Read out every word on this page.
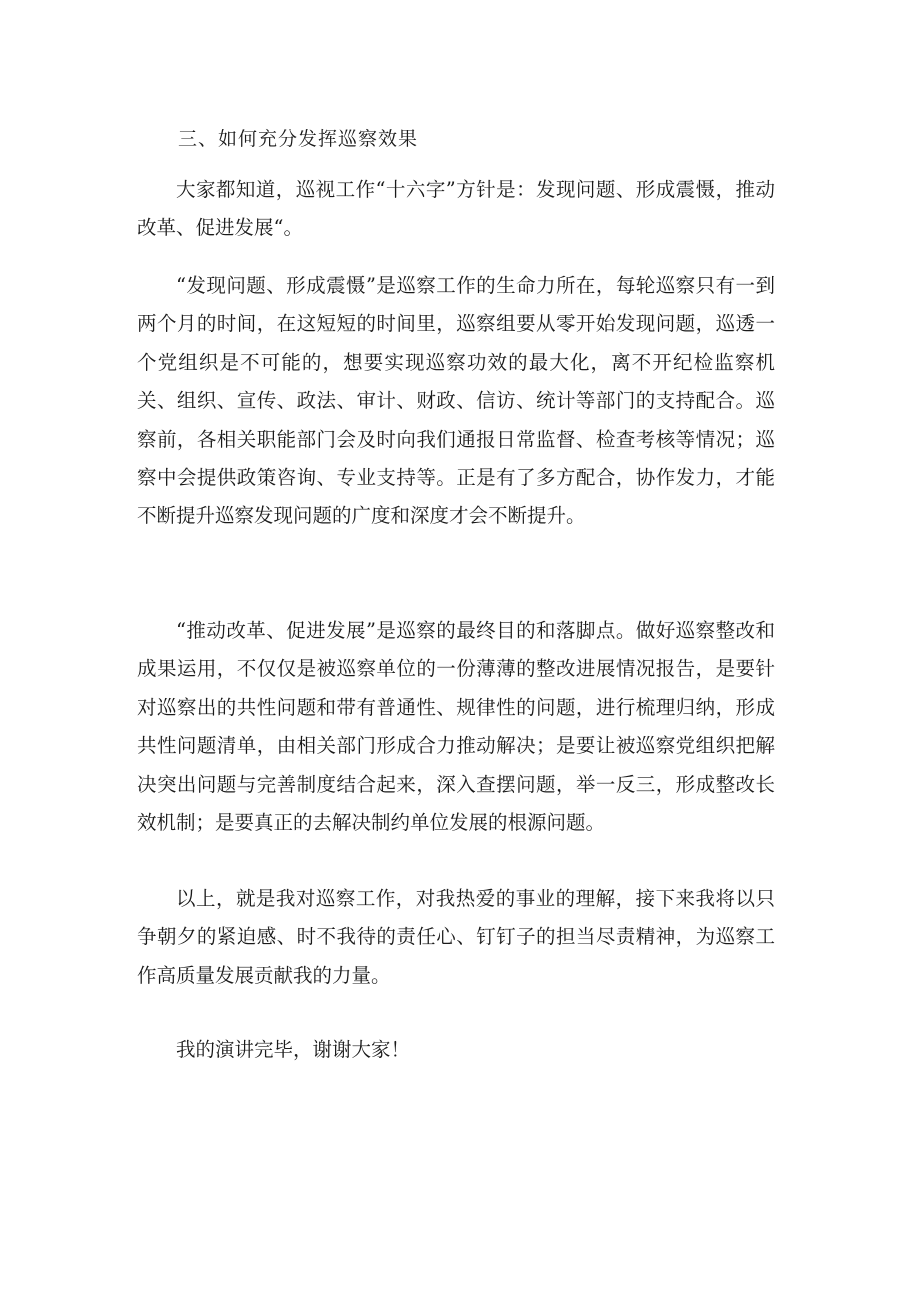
三、如何充分发挥巡察效果

大家都知道，巡视工作“十六字”方针是：发现问题、形成震慑，推动改革、促进发展“。

“发现问题、形成震慑”是巡察工作的生命力所在，每轮巡察只有一到两个月的时间，在这短短的时间里，巡察组要从零开始发现问题，巡透一个党组织是不可能的，想要实现巡察功效的最大化，离不开纪检监察机关、组织、宣传、政法、审计、财政、信访、统计等部门的支持配合。巡察前，各相关职能部门会及时向我们通报日常监督、检查考核等情况；巡察中会提供政策咨询、专业支持等。正是有了多方配合，协作发力，才能不断提升巡察发现问题的广度和深度才会不断提升。

“推动改革、促进发展”是巡察的最终目的和落脚点。做好巡察整改和成果运用，不仅仅是被巡察单位的一份薄薄的整改进展情况报告，是要针对巡察出的共性问题和带有普通性、规律性的问题，进行梳理归纳，形成共性问题清单，由相关部门形成合力推动解决；是要让被巡察党组织把解决突出问题与完善制度结合起来，深入查摆问题，举一反三，形成整改长效机制；是要真正的去解决制约单位发展的根源问题。

以上，就是我对巡察工作，对我热爱的事业的理解，接下来我将以只争朝夕的紧迫感、时不我待的责任心、钉钉子的担当尽责精神，为巡察工作高质量发展贡献我的力量。

我的演讲完毕，谢谢大家！
